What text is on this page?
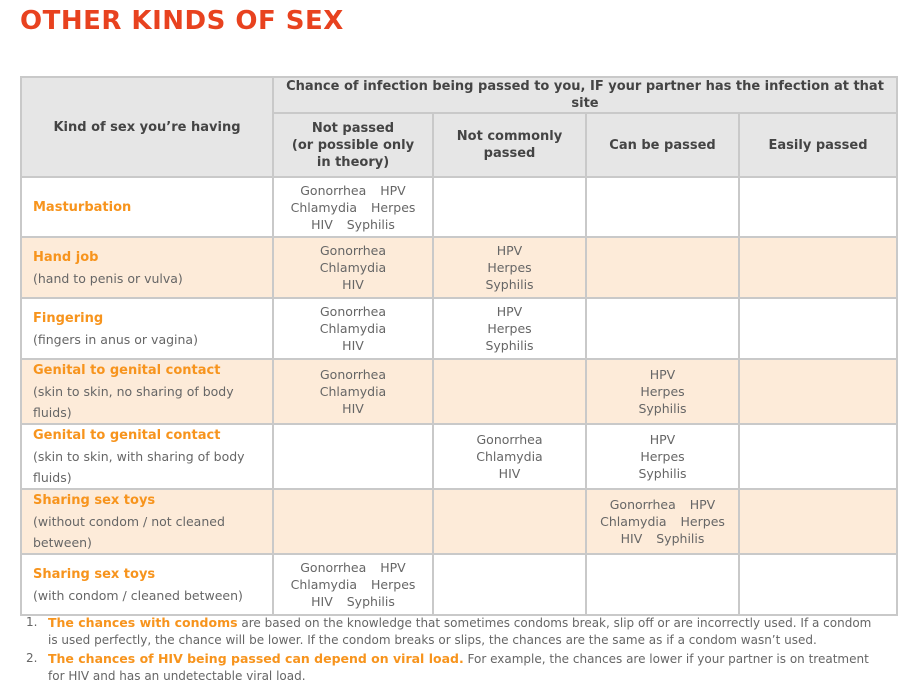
OTHER KINDS OF SEX
Kind of sex you’re having	Chance of infection being passed to you, IF your partner has the infection at that site			

	Not passed
(or possible only
in theory)	Not commonly
passed	Can be passed	Easily passed

Masturbation	Gonorrhea HPV
Chlamydia Herpes
HIV Syphilis			

Hand job
(hand to penis or vulva)	Gonorrhea
Chlamydia
HIV	HPV
Herpes
Syphilis		

Fingering
(fingers in anus or vagina)	Gonorrhea
Chlamydia
HIV	HPV
Herpes
Syphilis		

Genital to genital contact
(skin to skin, no sharing of body fluids)	Gonorrhea
Chlamydia
HIV		HPV
Herpes
Syphilis	

Genital to genital contact
(skin to skin, with sharing of body fluids)		Gonorrhea
Chlamydia
HIV	HPV
Herpes
Syphilis	

Sharing sex toys
(without condom / not cleaned between)			Gonorrhea HPV
Chlamydia Herpes
HIV Syphilis	

Sharing sex toys
(with condom / cleaned between)	Gonorrhea HPV
Chlamydia Herpes
HIV Syphilis			

1. The chances with condoms are based on the knowledge that sometimes condoms break, slip off or are incorrectly used. If a condom is used perfectly, the chance will be lower. If the condom breaks or slips, the chances are the same as if a condom wasn’t used.
2. The chances of HIV being passed can depend on viral load. For example, the chances are lower if your partner is on treatment for HIV and has an undetectable viral load.
